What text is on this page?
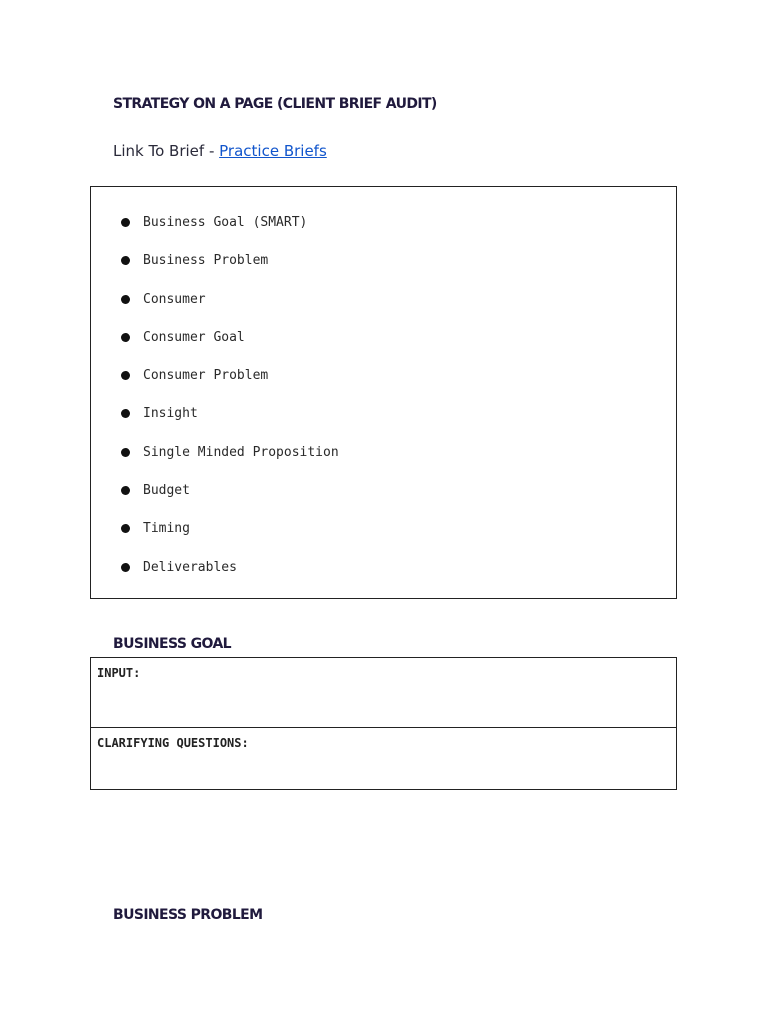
STRATEGY ON A PAGE (CLIENT BRIEF AUDIT)
Link To Brief - Practice Briefs
Business Goal (SMART)
Business Problem
Consumer
Consumer Goal
Consumer Problem
Insight
Single Minded Proposition
Budget
Timing
Deliverables
BUSINESS GOAL
INPUT:
CLARIFYING QUESTIONS:
BUSINESS PROBLEM
